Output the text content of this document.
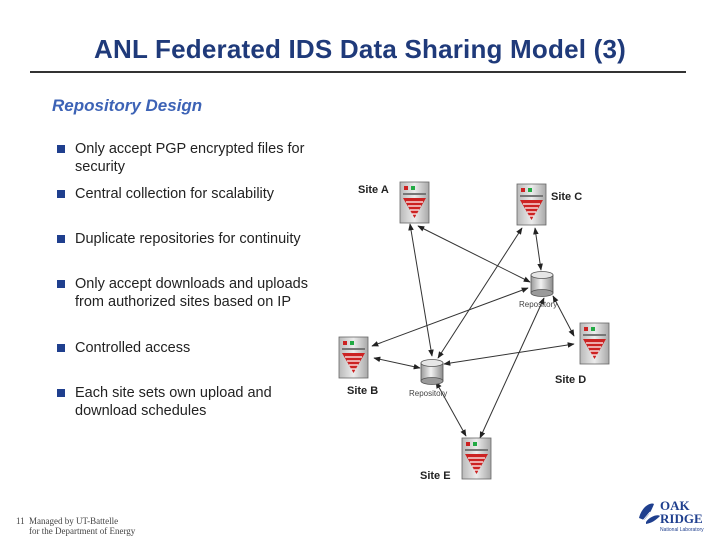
ANL Federated IDS Data Sharing Model (3)
Repository Design
Only accept PGP encrypted files for security
Central collection for scalability
Duplicate repositories for continuity
Only accept downloads and uploads
from authorized sites based on IP
Controlled access
Each site sets own upload and
download schedules
Repository
Repository
Site A
Site C
Site B
Site D
Site E
11 Managed by UT-Battelle
for the Department of Energy
OAK
RIDGE
National Laboratory
